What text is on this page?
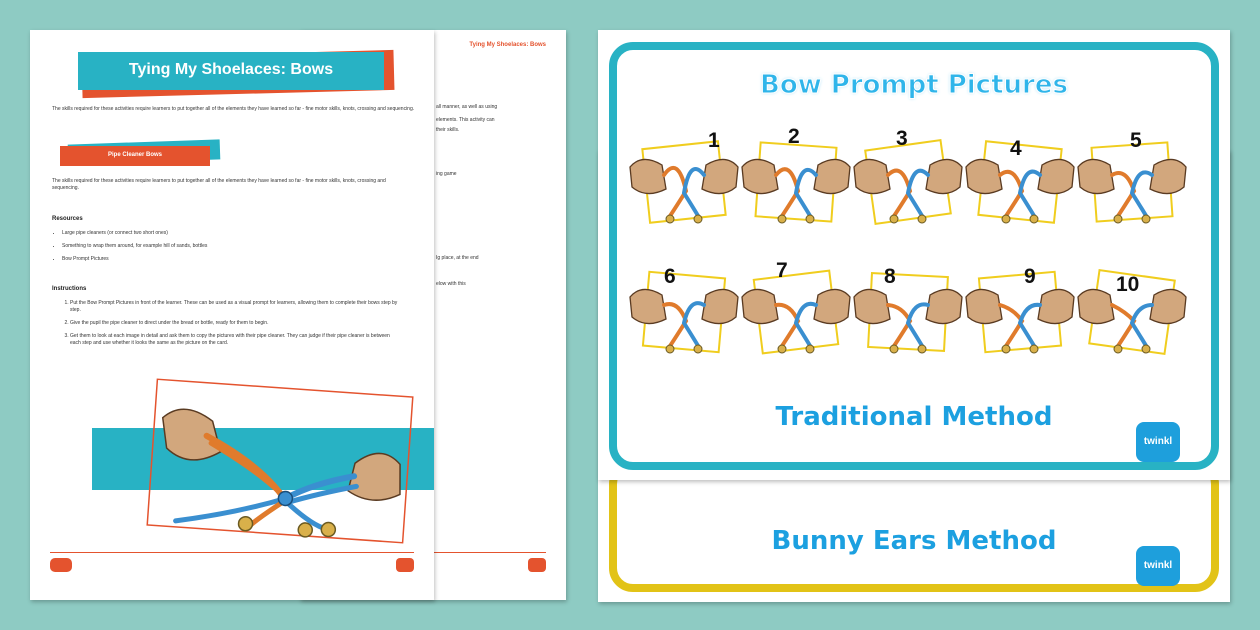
Tying My Shoelaces: Bows
all manner, as well as using
elements. This activity can
their skills.
ing game
Ig place, at the end
elow with this
Tying My Shoelaces: Bows
The skills required for these activities require learners to put together all of the elements they have learned so far - fine motor skills, knots, crossing and sequencing.
Pipe Cleaner Bows
The skills required for these activities require learners to put together all of the elements they have learned so far - fine motor skills, knots, crossing and sequencing.
Resources
• Large pipe cleaners (or connect two short ones)
• Something to wrap them around, for example hill of sands, bottles
• Bow Prompt Pictures
Instructions
1. Put the Bow Prompt Pictures in front of the learner. These can be used as a visual prompt for learners, allowing them to complete their bows step by step.
2. Give the pupil the pipe cleaner to direct under the bread or bottle, ready for them to begin.
3. Get them to look at each image in detail and ask them to copy the pictures with their pipe cleaner. They can judge if their pipe cleaner is between each step and use whether it looks the same as the picture on the card.
Bunny Ears Method
twinkl
Bow Prompt Pictures
1	2	3	4	5
6	7	8	9	10
Traditional Method
twinkl
